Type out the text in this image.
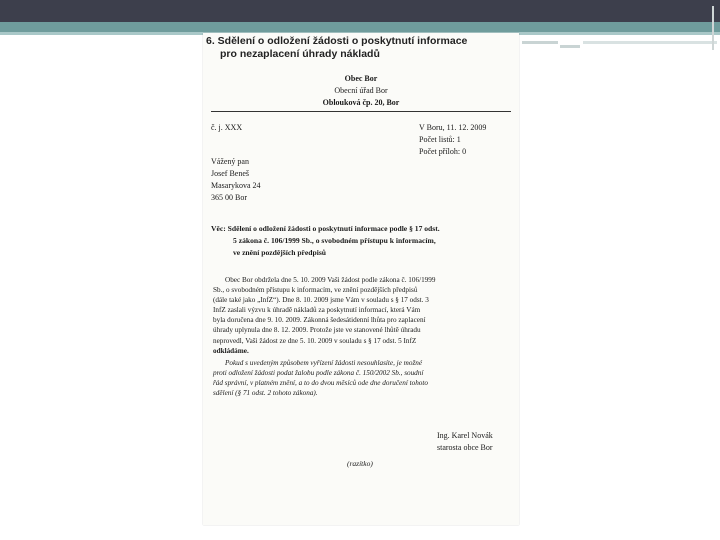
6. Sdělení o odložení žádosti o poskytnutí informace
pro nezaplacení úhrady nákladů
Obec Bor
Obecní úřad Bor
Oblouková čp. 20, Bor
č. j. XXX	V Boru, 11. 12. 2009
Počet listů: 1
Počet příloh: 0
Vážený pan
Josef Beneš
Masarykova 24
365 00 Bor
Věc: Sdělení o odložení žádosti o poskytnutí informace podle § 17 odst.
5 zákona č. 106/1999 Sb., o svobodném přístupu k informacím,
ve znění pozdějších předpisů
Obec Bor obdržela dne 5. 10. 2009 Vaši žádost podle zákona č. 106/1999
Sb., o svobodném přístupu k informacím, ve znění pozdějších předpisů
(dále také jako „InfZ“). Dne 8. 10. 2009 jsme Vám v souladu s § 17 odst. 3
InfZ zaslali výzvu k úhradě nákladů za poskytnutí informací, která Vám
byla doručena dne 9. 10. 2009. Zákonná šedesátidenní lhůta pro zaplacení
úhrady uplynula dne 8. 12. 2009. Protože jste ve stanovené lhůtě úhradu
neprovedl, Vaši žádost ze dne 5. 10. 2009 v souladu s § 17 odst. 5 InfZ
odkládáme.
Pokud s uvedeným způsobem vyřízení žádosti nesouhlasíte, je možné
proti odložení žádosti podat žalobu podle zákona č. 150/2002 Sb., soudní
řád správní, v platném znění, a to do dvou měsíců ode dne doručení tohoto
sdělení (§ 71 odst. 2 tohoto zákona).
Ing. Karel Novák
starosta obce Bor
(razítko)
